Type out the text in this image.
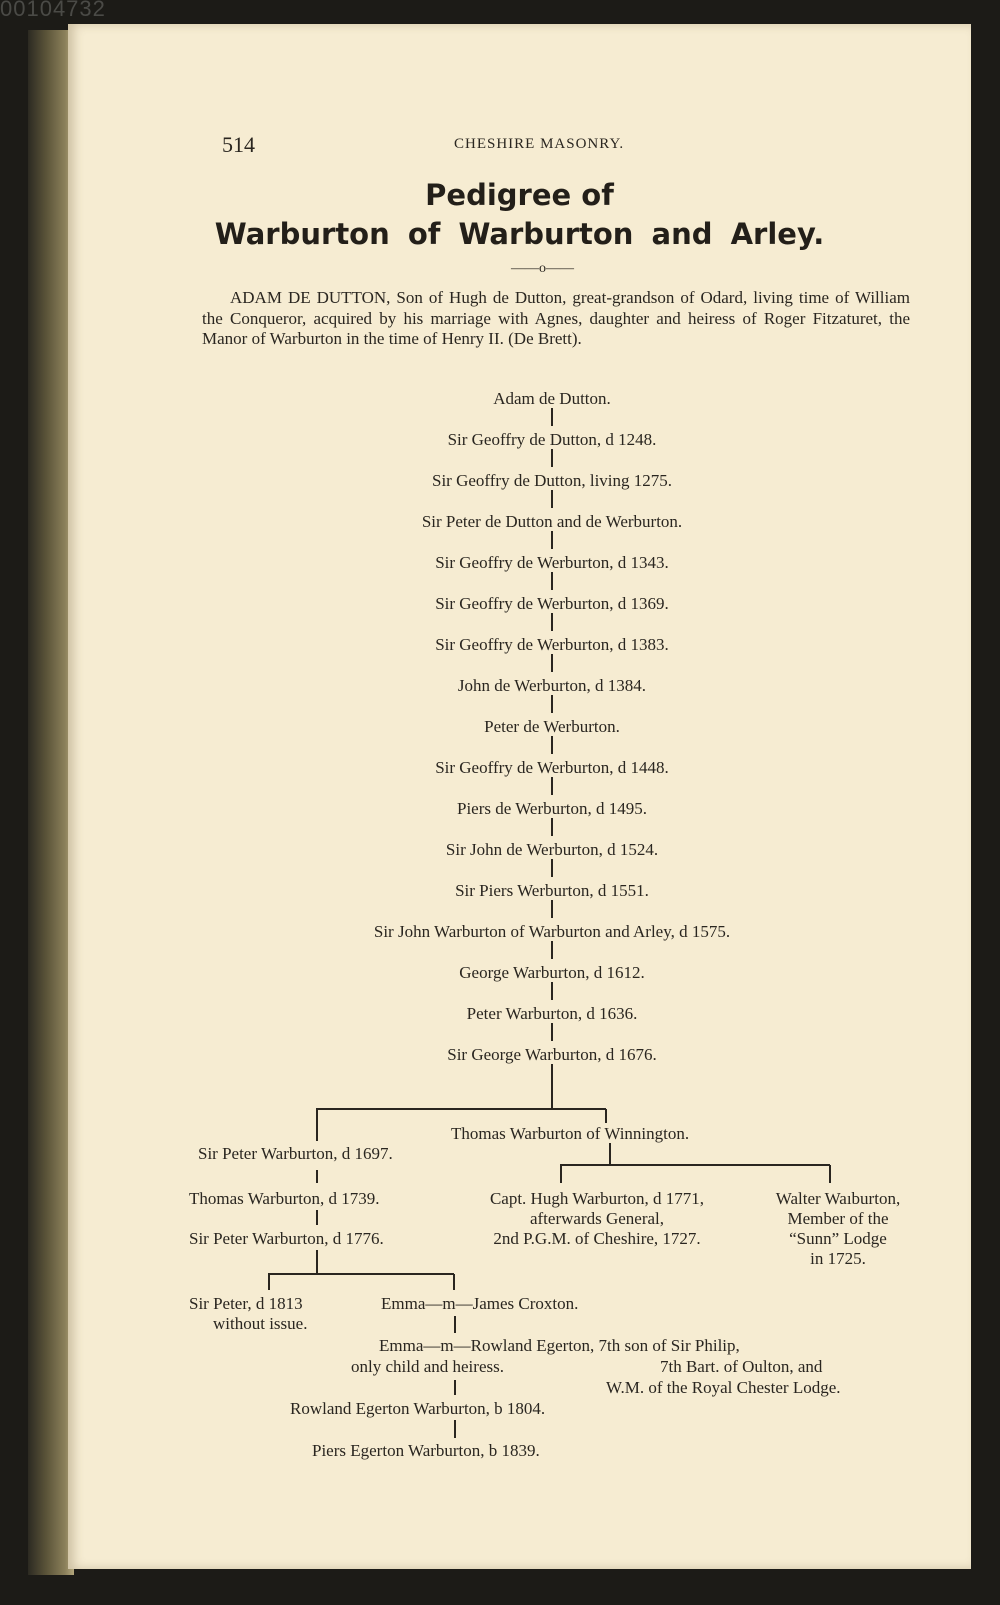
00104732
514	CHESHIRE MASONRY.
Pedigree of
Warburton of Warburton and Arley.
——o——

ADAM DE DUTTON, Son of Hugh de Dutton, great-grandson of Odard, living time of William the Conqueror, acquired by his marriage with Agnes, daughter and heiress of Roger Fitzaturet, the Manor of Warburton in the time of Henry II. (De Brett).

Adam de Dutton.
Sir Geoffry de Dutton, d 1248.
Sir Geoffry de Dutton, living 1275.
Sir Peter de Dutton and de Werburton.
Sir Geoffry de Werburton, d 1343.
Sir Geoffry de Werburton, d 1369.
Sir Geoffry de Werburton, d 1383.
John de Werburton, d 1384.
Peter de Werburton.
Sir Geoffry de Werburton, d 1448.
Piers de Werburton, d 1495.
Sir John de Werburton, d 1524.
Sir Piers Werburton, d 1551.
Sir John Warburton of Warburton and Arley, d 1575.
George Warburton, d 1612.
Peter Warburton, d 1636.
Sir George Warburton, d 1676.
Thomas Warburton of Winnington.
Sir Peter Warburton, d 1697.
Thomas Warburton, d 1739.
Sir Peter Warburton, d 1776.
Capt. Hugh Warburton, d 1771,
afterwards General,
2nd P.G.M. of Cheshire, 1727.
Walter Waıburton,
Member of the
“Sunn” Lodge
in 1725.
Sir Peter, d 1813
without issue.
Emma—m—James Croxton.
Emma—m—Rowland Egerton, 7th son of Sir Philip,
only child and heiress.	7th Bart. of Oulton, and
W.M. of the Royal Chester Lodge.
Rowland Egerton Warburton, b 1804.
Piers Egerton Warburton, b 1839.
